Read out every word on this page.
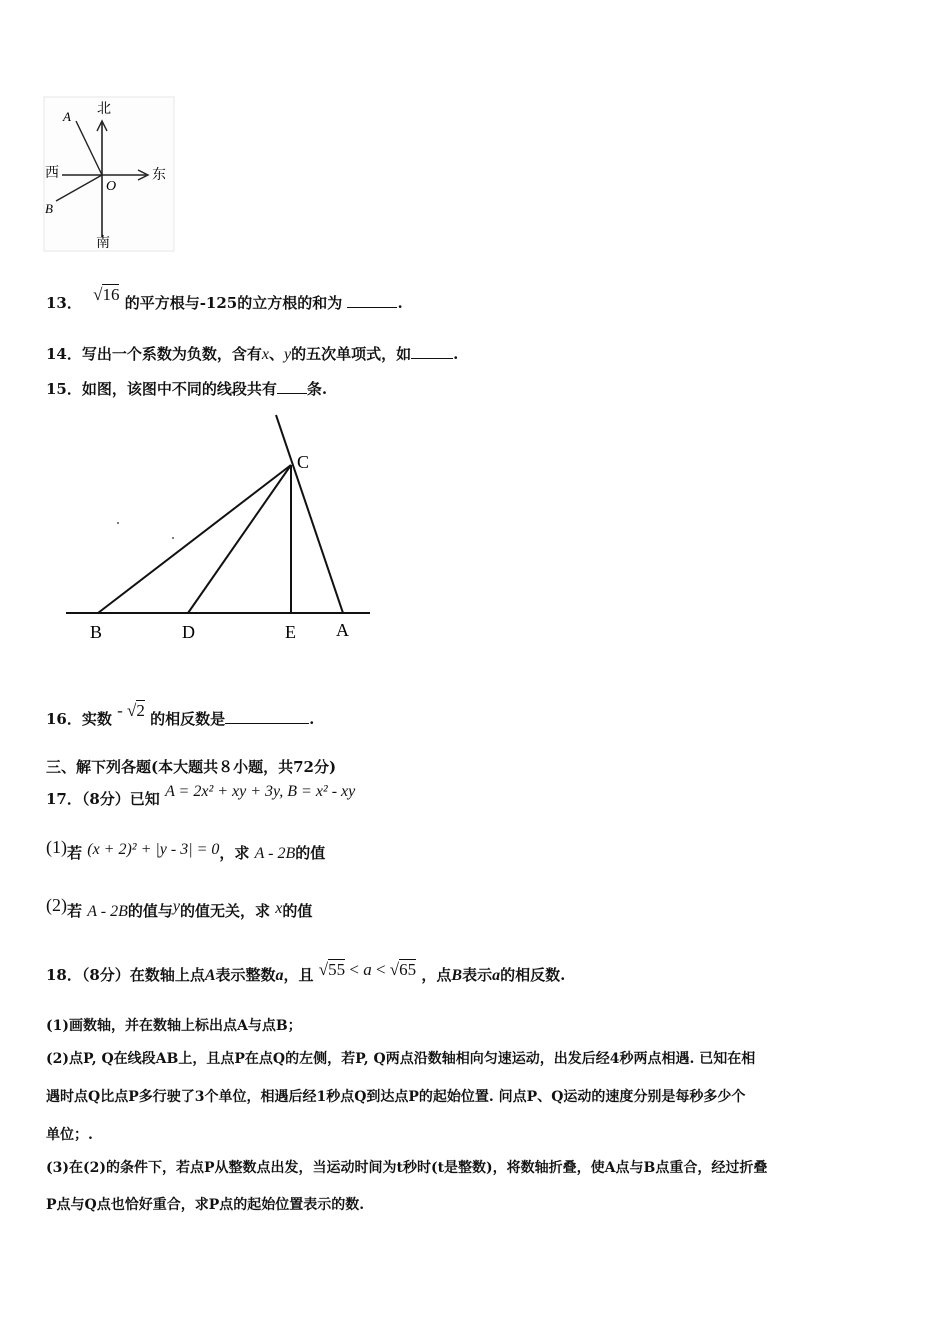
北
南
东
西
O
A
B
13． √16 的平方根与-125的立方根的和为	.
14．写出一个系数为负数，含有x、y的五次单项式，如	.
15．如图，该图中不同的线段共有 条.
C
B	D	E A
16．实数 - √2 的相反数是	.
三、解下列各题(本大题共８小题，共72分)
17．（8分）已知 A = 2x² + xy + 3y, B = x² - xy
(1)若 (x + 2)² + |y - 3| = 0，求 A - 2B的值
(2)若 A - 2B的值与y的值无关，求 x的值
18．（8分）在数轴上点A表示整数a，且 √55 < a < √65 ，点B表示a的相反数.
(1)画数轴，并在数轴上标出点A与点B；
(2)点P, Q在线段AB上，且点P在点Q的左侧，若P, Q两点沿数轴相向匀速运动，出发后经4秒两点相遇. 已知在相
遇时点Q比点P多行驶了3个单位，相遇后经1秒点Q到达点P的起始位置. 问点P、Q运动的速度分别是每秒多少个
单位；.
(3)在(2)的条件下，若点P从整数点出发，当运动时间为t秒时(t是整数)，将数轴折叠，使A点与B点重合，经过折叠
P点与Q点也恰好重合，求P点的起始位置表示的数.
